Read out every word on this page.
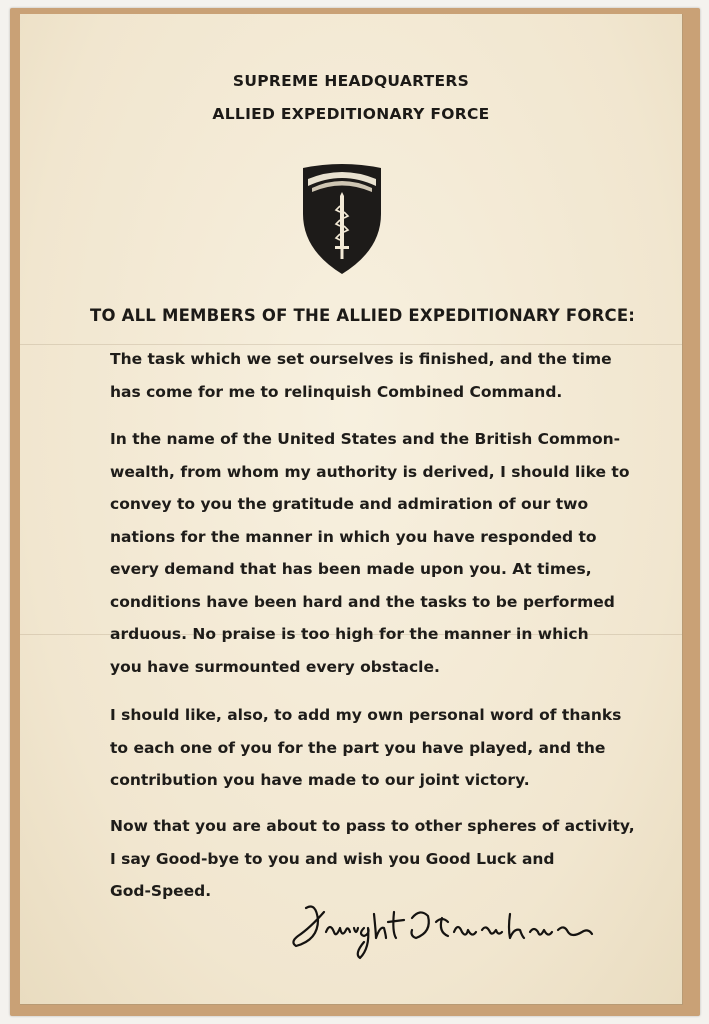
SUPREME HEADQUARTERS
ALLIED EXPEDITIONARY FORCE
TO ALL MEMBERS OF THE ALLIED EXPEDITIONARY FORCE:

The task which we set ourselves is finished, and the time
has come for me to relinquish Combined Command.

In the name of the United States and the British Common-
wealth, from whom my authority is derived, I should like to
convey to you the gratitude and admiration of our two
nations for the manner in which you have responded to
every demand that has been made upon you. At times,
conditions have been hard and the tasks to be performed
arduous. No praise is too high for the manner in which
you have surmounted every obstacle.

I should like, also, to add my own personal word of thanks
to each one of you for the part you have played, and the
contribution you have made to our joint victory.

Now that you are about to pass to other spheres of activity,
I say Good-bye to you and wish you Good Luck and
God-Speed.
